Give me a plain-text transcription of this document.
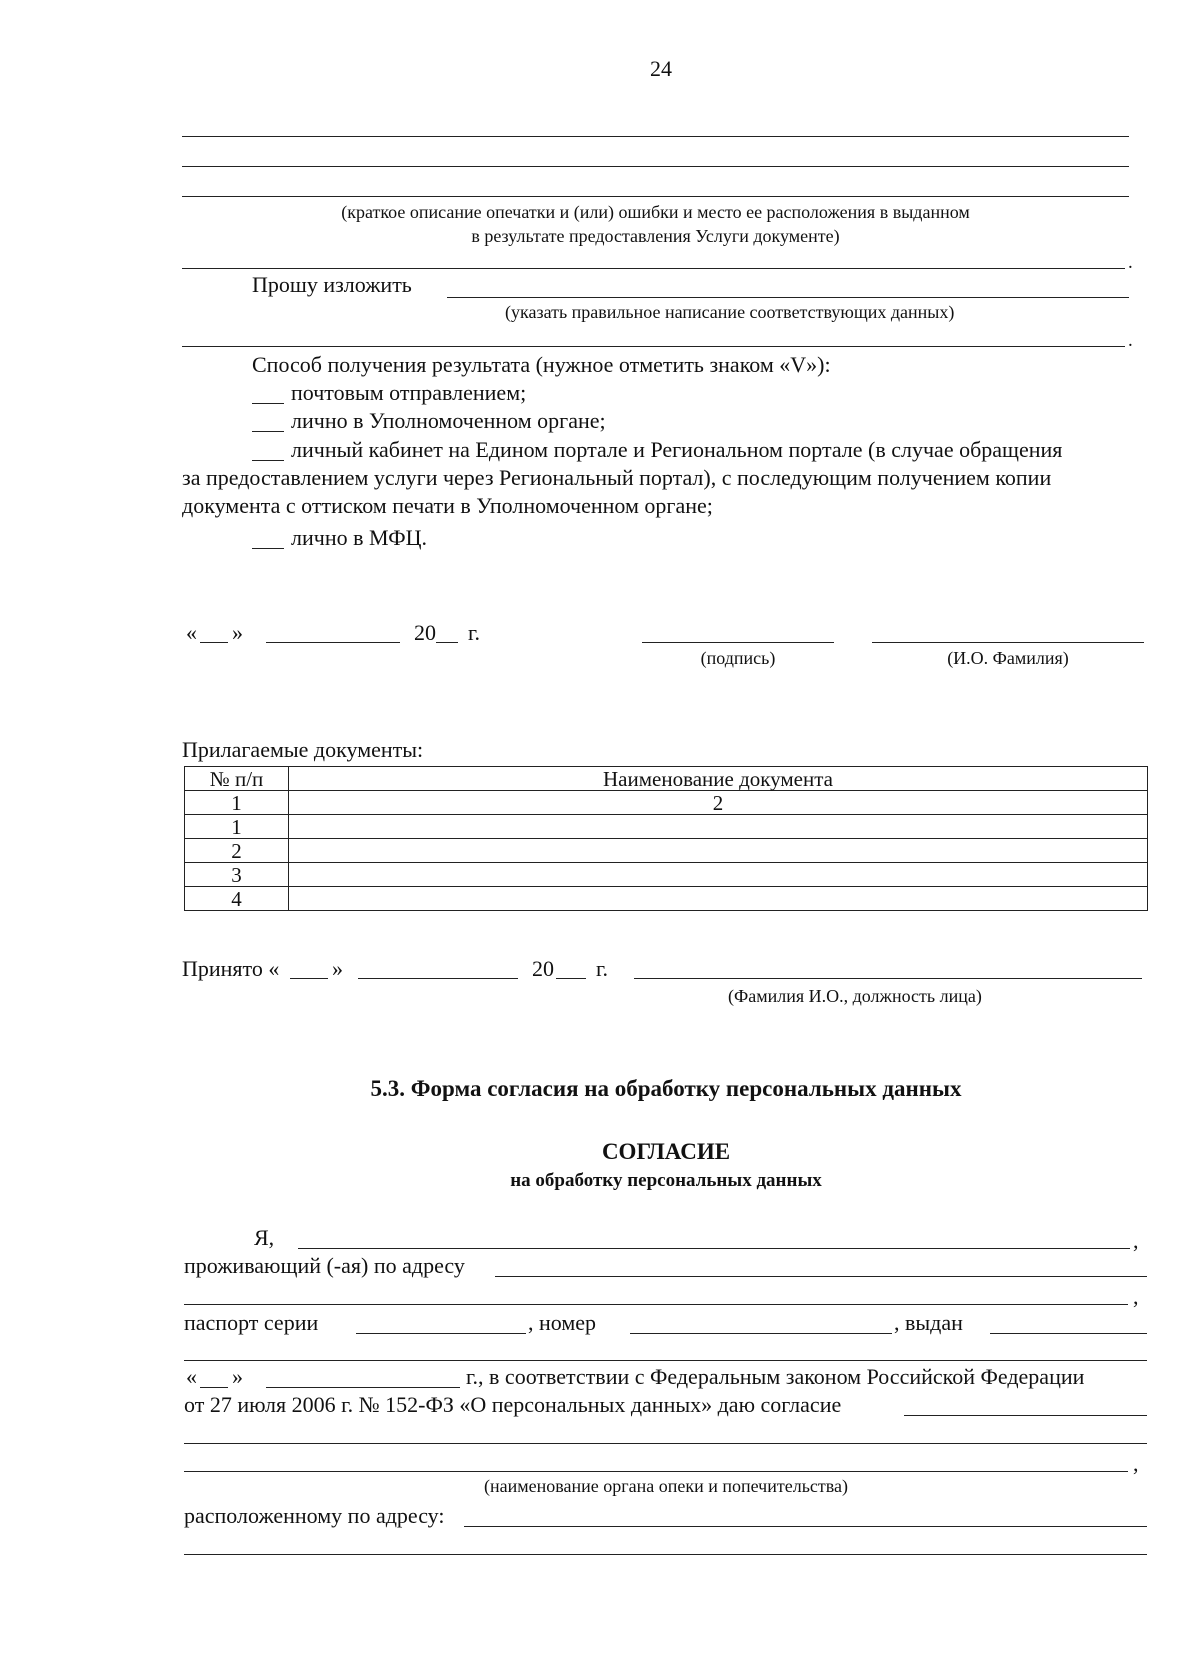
24
(краткое описание опечатки и (или) ошибки и место ее расположения в выданном
в результате предоставления Услуги документе)
.
Прошу изложить
(указать правильное написание соответствующих данных)
.
Способ получения результата (нужное отметить знаком «V»):
почтовым отправлением;
лично в Уполномоченном органе;
личный кабинет на Едином портале и Региональном портале (в случае обращения
за предоставлением услуги через Региональный портал), с последующим получением копии
документа с оттиском печати в Уполномоченном органе;
лично в МФЦ.
« »	20 г.
(подпись)	(И.О. Фамилия)
Прилагаемые документы:
№ п/п	Наименование документа
1	2
1	
2	
3	
4	
Принято « »	20 г.
(Фамилия И.О., должность лица)
5.3. Форма согласия на обработку персональных данных
СОГЛАСИЕ
на обработку персональных данных
Я,	,
проживающий (-ая) по адресу
,
паспорт серии	, номер	, выдан
« »	г., в соответствии с Федеральным законом Российской Федерации
от 27 июля 2006 г. № 152-ФЗ «О персональных данных» даю согласие
,
(наименование органа опеки и попечительства)
расположенному по адресу:
